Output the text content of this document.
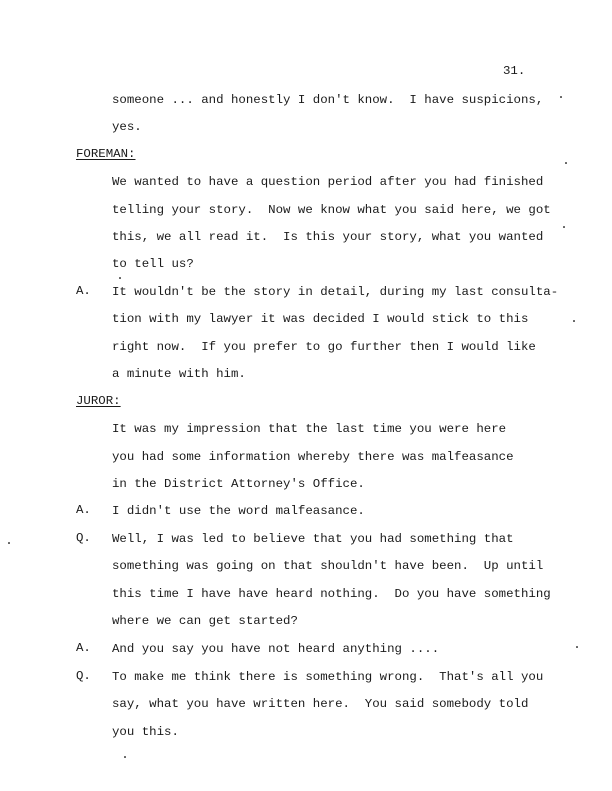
31.
someone ... and honestly I don't know.  I have suspicions,
yes.
FOREMAN:
We wanted to have a question period after you had finished
telling your story.  Now we know what you said here, we got
this, we all read it.  Is this your story, what you wanted
to tell us?
A. It wouldn't be the story in detail, during my last consulta-
tion with my lawyer it was decided I would stick to this
right now.  If you prefer to go further then I would like
a minute with him.
JUROR:
It was my impression that the last time you were here
you had some information whereby there was malfeasance
in the District Attorney's Office.
A. I didn't use the word malfeasance.
Q. Well, I was led to believe that you had something that
something was going on that shouldn't have been.  Up until
this time I have have heard nothing.  Do you have something
where we can get started?
A. And you say you have not heard anything ....
Q. To make me think there is something wrong.  That's all you
say, what you have written here.  You said somebody told
you this.
